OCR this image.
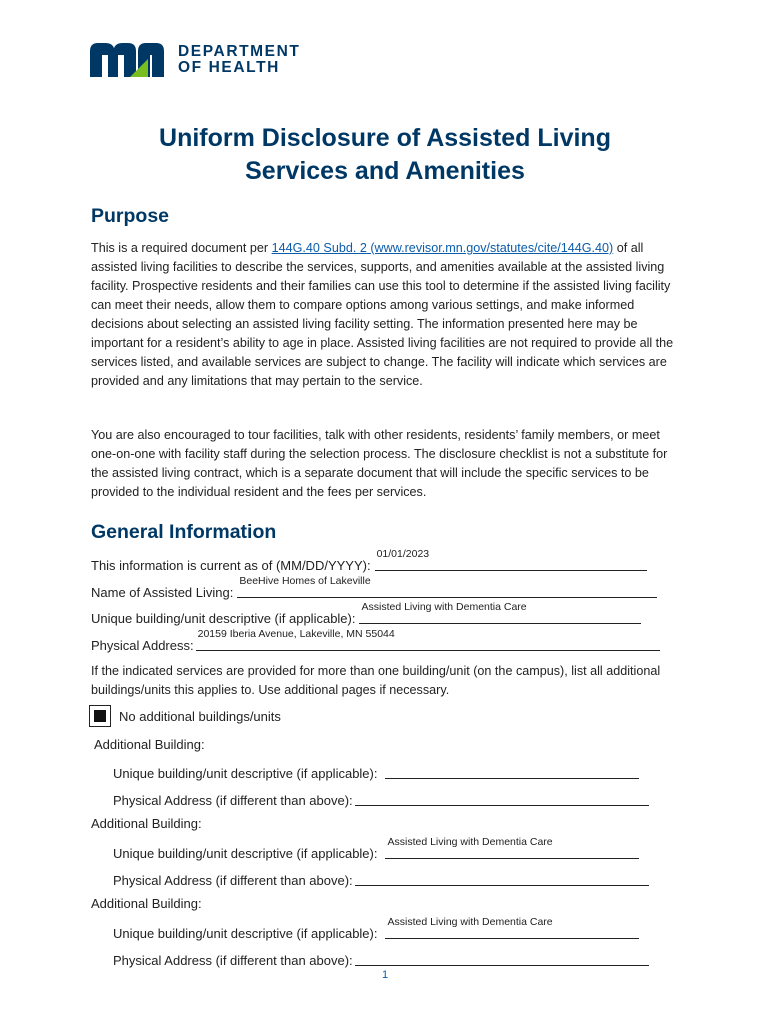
DEPARTMENT
OF HEALTH
Uniform Disclosure of Assisted Living
Services and Amenities
Purpose
This is a required document per 144G.40 Subd. 2 (www.revisor.mn.gov/statutes/cite/144G.40) of all assisted living facilities to describe the services, supports, and amenities available at the assisted living facility. Prospective residents and their families can use this tool to determine if the assisted living facility can meet their needs, allow them to compare options among various settings, and make informed decisions about selecting an assisted living facility setting. The information presented here may be important for a resident’s ability to age in place. Assisted living facilities are not required to provide all the services listed, and available services are subject to change. The facility will indicate which services are provided and any limitations that may pertain to the service.
You are also encouraged to tour facilities, talk with other residents, residents’ family members, or meet one-on-one with facility staff during the selection process. The disclosure checklist is not a substitute for the assisted living contract, which is a separate document that will include the specific services to be provided to the individual resident and the fees per services.
General Information
This information is current as of (MM/DD/YYYY):
01/01/2023
Name of Assisted Living:
BeeHive Homes of Lakeville
Unique building/unit descriptive (if applicable):
Assisted Living with Dementia Care
Physical Address:
20159 Iberia Avenue, Lakeville, MN 55044
If the indicated services are provided for more than one building/unit (on the campus), list all additional buildings/units this applies to. Use additional pages if necessary.
No additional buildings/units
Additional Building:
Unique building/unit descriptive (if applicable):
Physical Address (if different than above):
Additional Building:
Unique building/unit descriptive (if applicable):
Assisted Living with Dementia Care
Physical Address (if different than above):
Additional Building:
Unique building/unit descriptive (if applicable):
Assisted Living with Dementia Care
Physical Address (if different than above):
1
